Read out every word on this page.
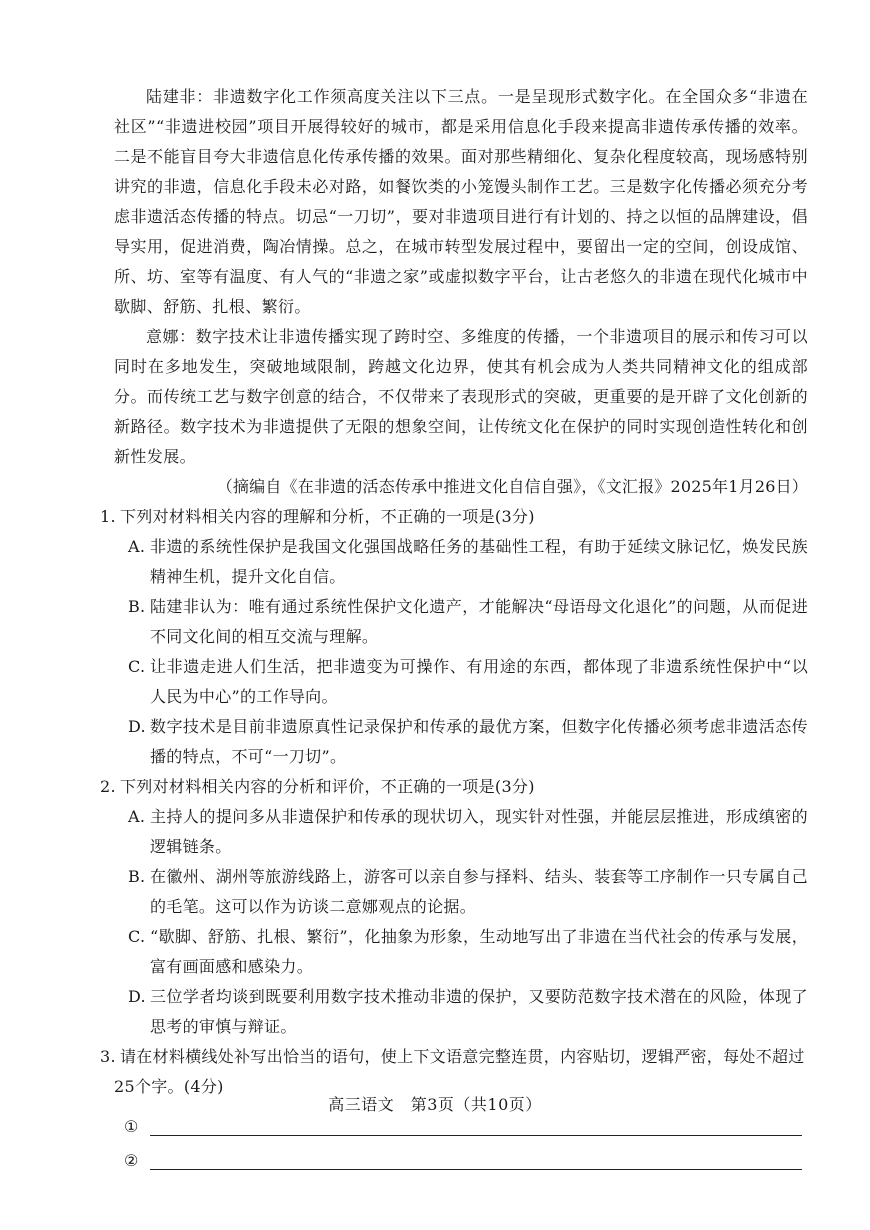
陆建非：非遗数字化工作须高度关注以下三点。一是呈现形式数字化。在全国众多“非遗在社区”“非遗进校园”项目开展得较好的城市，都是采用信息化手段来提高非遗传承传播的效率。二是不能盲目夸大非遗信息化传承传播的效果。面对那些精细化、复杂化程度较高，现场感特别讲究的非遗，信息化手段未必对路，如餐饮类的小笼馒头制作工艺。三是数字化传播必须充分考虑非遗活态传播的特点。切忌“一刀切”，要对非遗项目进行有计划的、持之以恒的品牌建设，倡导实用，促进消费，陶冶情操。总之，在城市转型发展过程中，要留出一定的空间，创设成馆、所、坊、室等有温度、有人气的“非遗之家”或虚拟数字平台，让古老悠久的非遗在现代化城市中歇脚、舒筋、扎根、繁衍。

意娜：数字技术让非遗传播实现了跨时空、多维度的传播，一个非遗项目的展示和传习可以同时在多地发生，突破地域限制，跨越文化边界，使其有机会成为人类共同精神文化的组成部分。而传统工艺与数字创意的结合，不仅带来了表现形式的突破，更重要的是开辟了文化创新的新路径。数字技术为非遗提供了无限的想象空间，让传统文化在保护的同时实现创造性转化和创新性发展。

（摘编自《在非遗的活态传承中推进文化自信自强》，《文汇报》2025年1月26日）

1. 下列对材料相关内容的理解和分析，不正确的一项是(3分)

A. 非遗的系统性保护是我国文化强国战略任务的基础性工程，有助于延续文脉记忆，焕发民族精神生机，提升文化自信。
B. 陆建非认为：唯有通过系统性保护文化遗产，才能解决“母语母文化退化”的问题，从而促进不同文化间的相互交流与理解。
C. 让非遗走进人们生活，把非遗变为可操作、有用途的东西，都体现了非遗系统性保护中“以人民为中心”的工作导向。
D. 数字技术是目前非遗原真性记录保护和传承的最优方案，但数字化传播必须考虑非遗活态传播的特点，不可“一刀切”。

2. 下列对材料相关内容的分析和评价，不正确的一项是(3分)

A. 主持人的提问多从非遗保护和传承的现状切入，现实针对性强，并能层层推进，形成缜密的逻辑链条。
B. 在徽州、湖州等旅游线路上，游客可以亲自参与择料、结头、装套等工序制作一只专属自己的毛笔。这可以作为访谈二意娜观点的论据。
C. “歇脚、舒筋、扎根、繁衍”，化抽象为形象，生动地写出了非遗在当代社会的传承与发展，富有画面感和感染力。
D. 三位学者均谈到既要利用数字技术推动非遗的保护，又要防范数字技术潜在的风险，体现了思考的审慎与辩证。

3. 请在材料横线处补写出恰当的语句，使上下文语意完整连贯，内容贴切，逻辑严密，每处不超过25个字。(4分)

①
②
高三语文　第3页（共10页）
